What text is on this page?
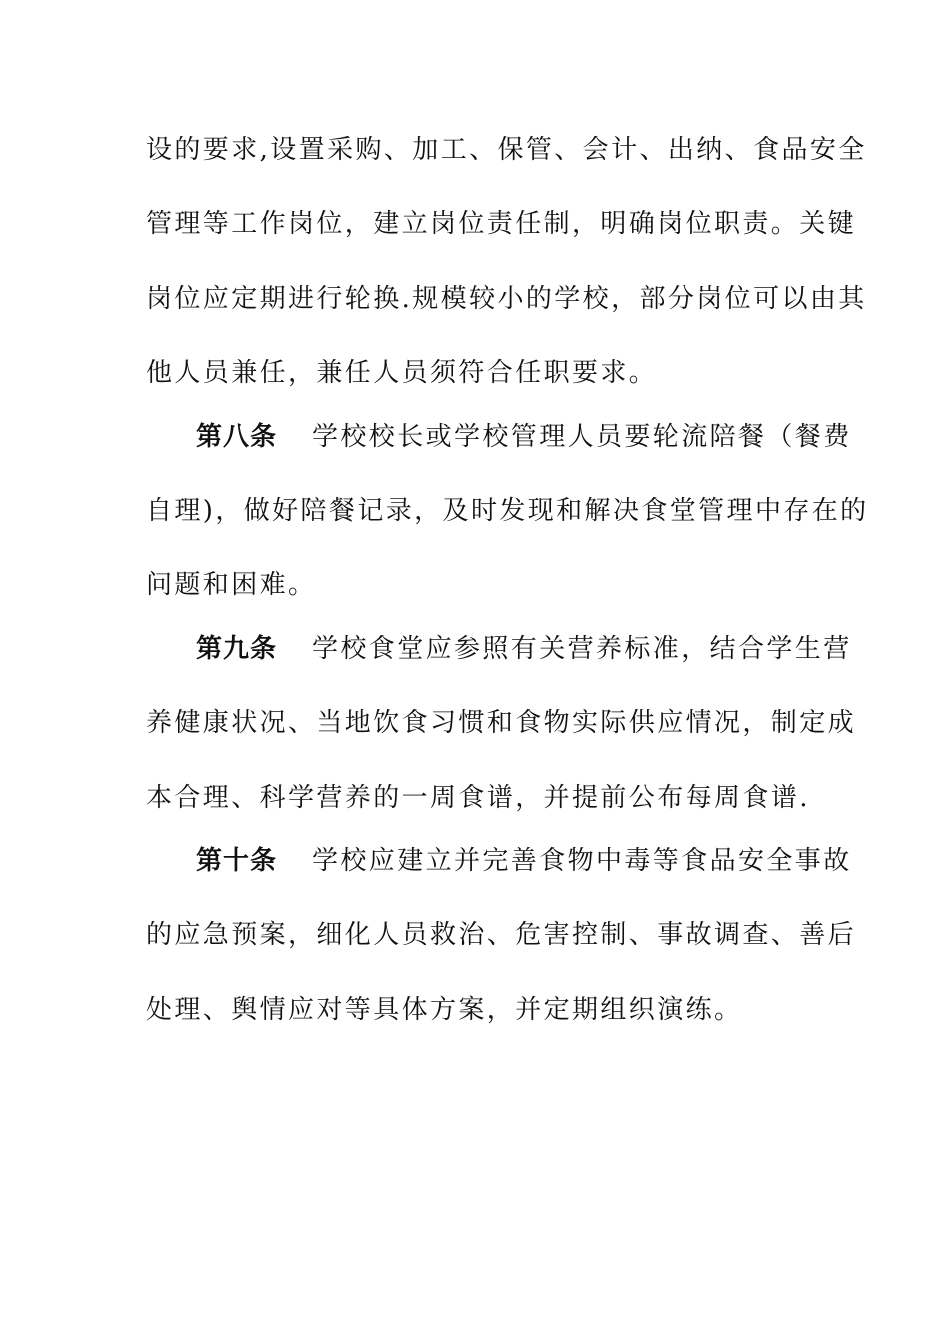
设的要求,设置采购、加工、保管、会计、出纳、食品安全
管理等工作岗位，建立岗位责任制，明确岗位职责。关键
岗位应定期进行轮换.规模较小的学校，部分岗位可以由其
他人员兼任，兼任人员须符合任职要求。
第八条 学校校长或学校管理人员要轮流陪餐（餐费
自理)，做好陪餐记录，及时发现和解决食堂管理中存在的
问题和困难。
第九条 学校食堂应参照有关营养标准，结合学生营
养健康状况、当地饮食习惯和食物实际供应情况，制定成
本合理、科学营养的一周食谱，并提前公布每周食谱.
第十条 学校应建立并完善食物中毒等食品安全事故
的应急预案，细化人员救治、危害控制、事故调查、善后
处理、舆情应对等具体方案，并定期组织演练。
